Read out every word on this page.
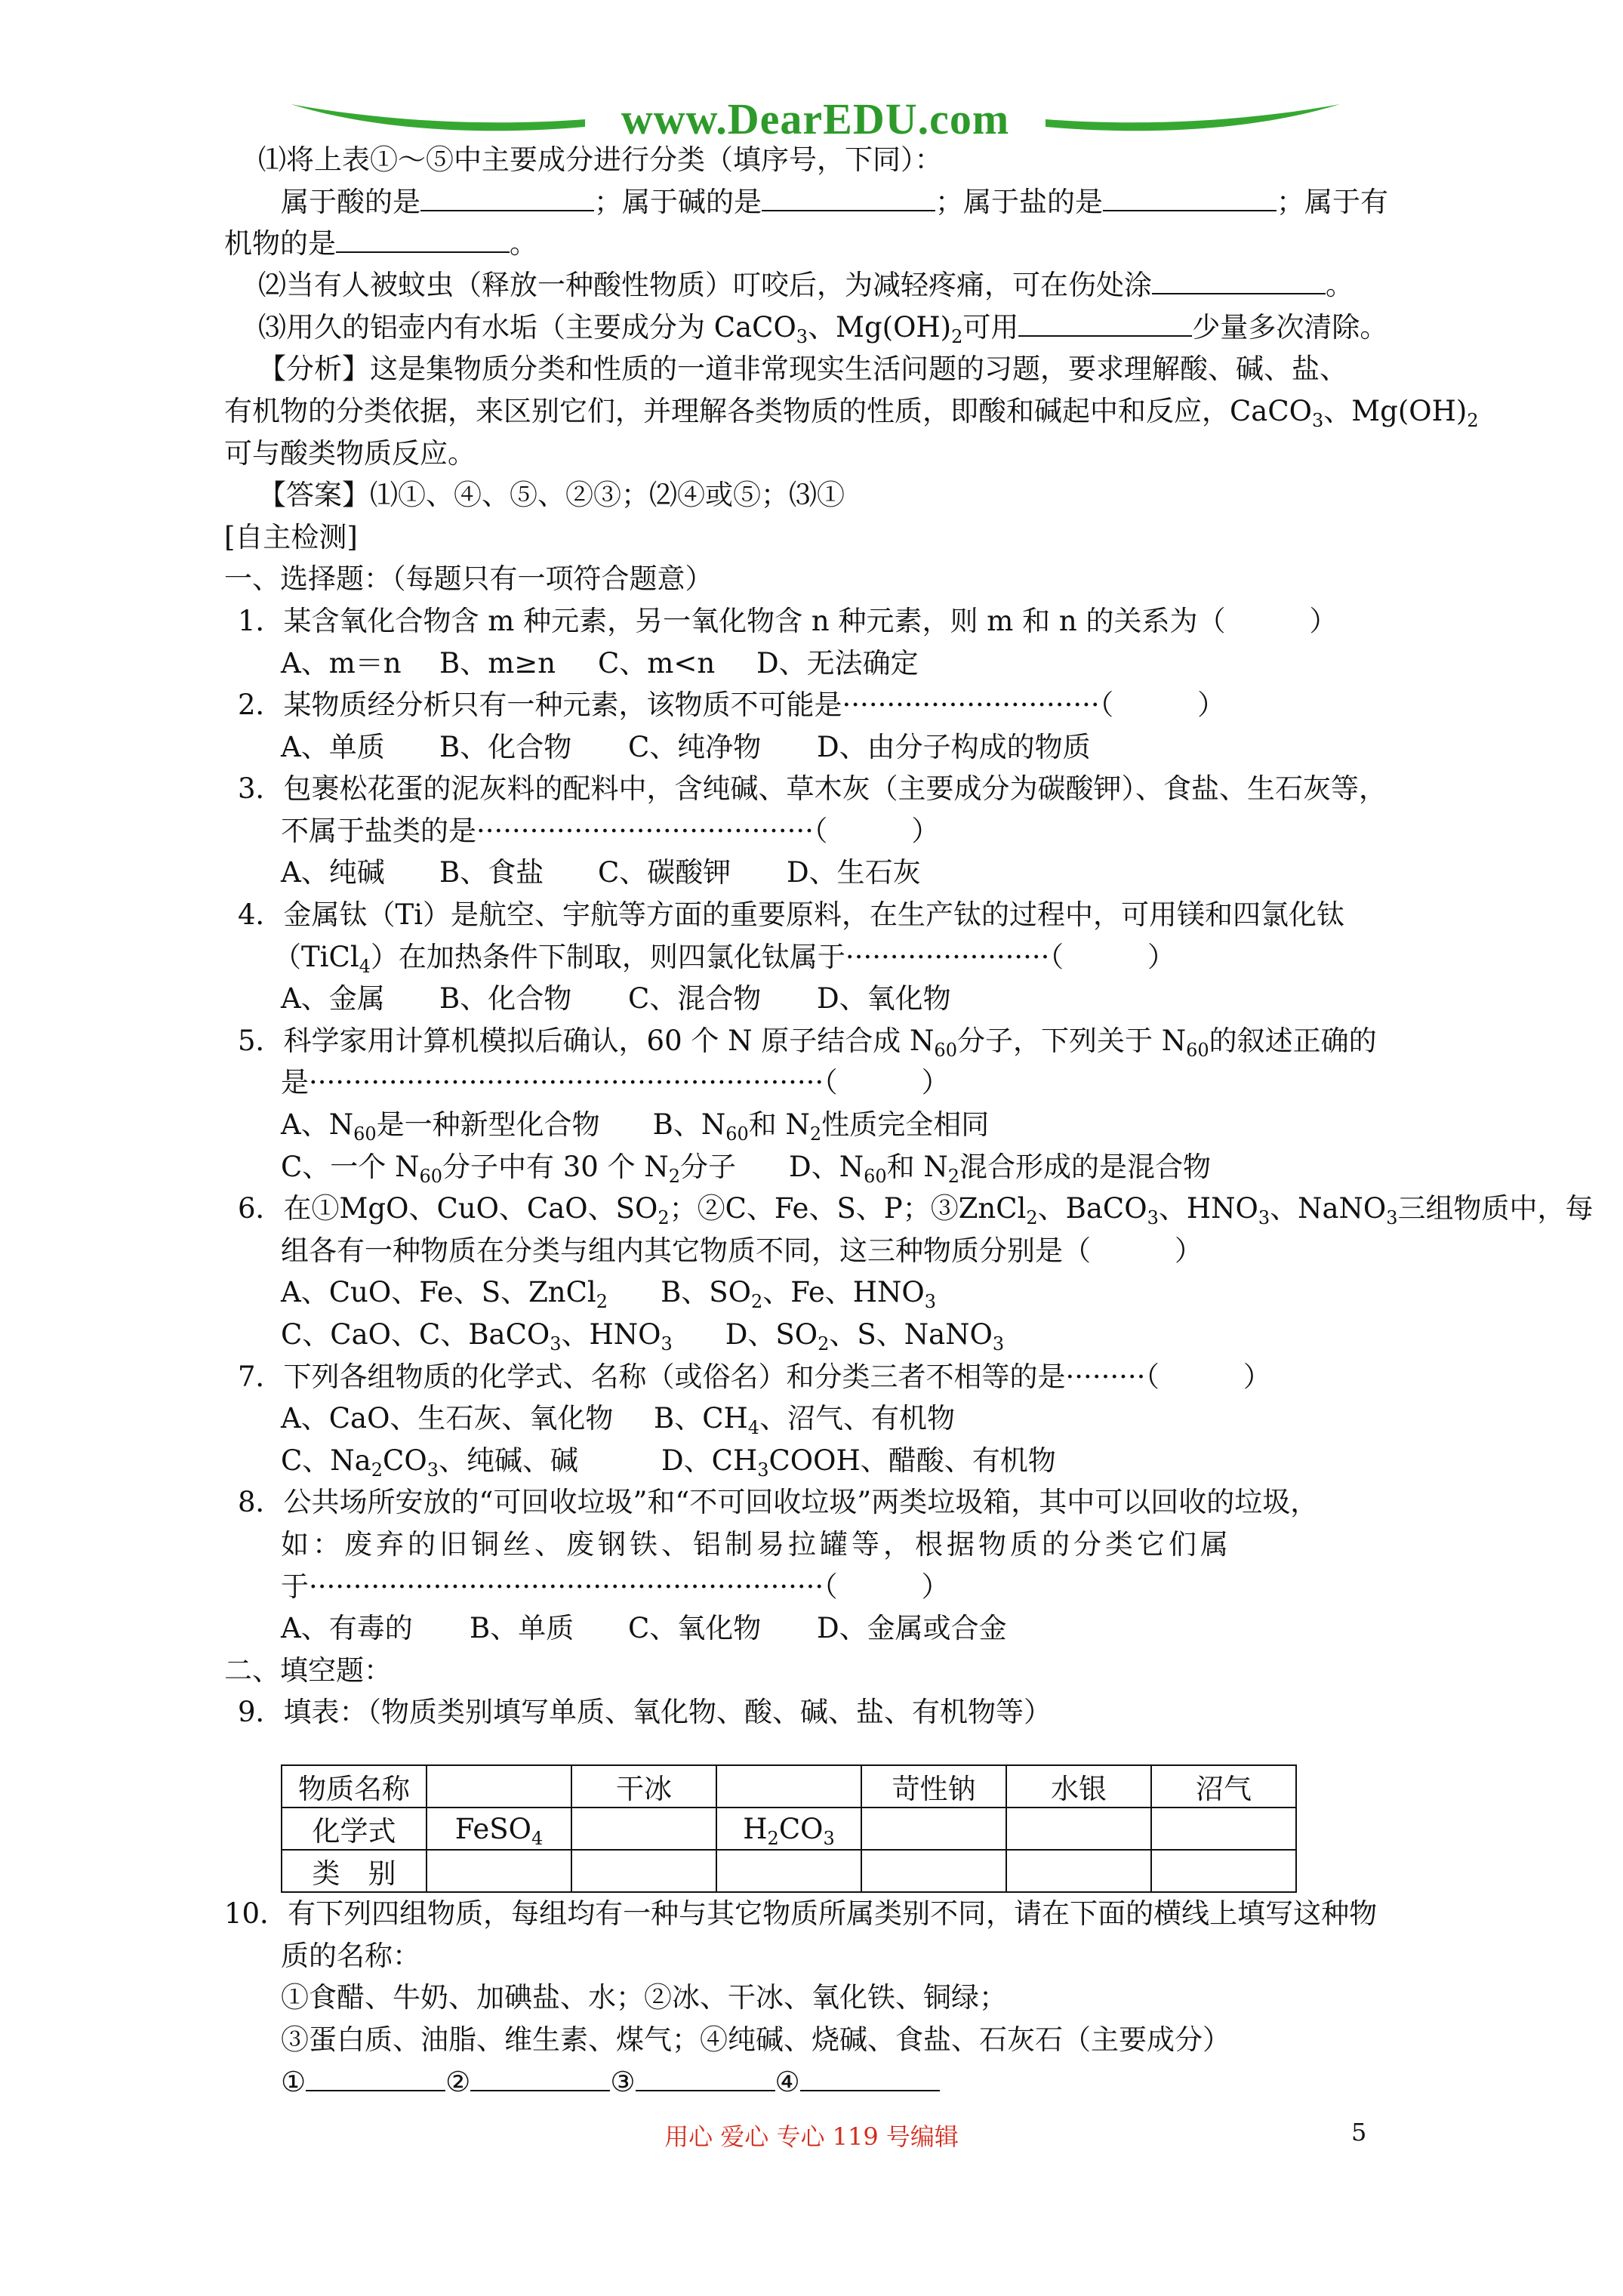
www.DearEDU.com
⑴将上表①～⑤中主要成分进行分类（填序号，下同）：
属于酸的是	；属于碱的是	；属于盐的是	；属于有
机物的是	。
⑵当有人被蚊虫（释放一种酸性物质）叮咬后，为减轻疼痛，可在伤处涂	。
⑶用久的铝壶内有水垢（主要成分为 CaCO$_3$、$Mg(OH)_2$可用	少量多次清除。
【分析】这是集物质分类和性质的一道非常现实生活问题的习题，要求理解酸、碱、盐、
有机物的分类依据，来区别它们，并理解各类物质的性质，即酸和碱起中和反应，CaCO$_3$、$Mg(OH)_2$
可与酸类物质反应。
【答案】⑴①、④、⑤、②③；⑵④或⑤；⑶①
[自主检测]
一、选择题：（每题只有一项符合题意）
1．某含氧化合物含 m 种元素，另一氧化物含 n 种元素，则 m 和 n 的关系为（　　　）
A、m＝n B、m≥n C、m<n D、无法确定
2．某物质经分析只有一种元素，该物质不可能是·····························（　　　）
A、单质 B、化合物 C、纯净物 D、由分子构成的物质
3．包裹松花蛋的泥灰料的配料中，含纯碱、草木灰（主要成分为碳酸钾）、食盐、生石灰等，
不属于盐类的是······································（　　　）
A、纯碱 B、食盐 C、碳酸钾 D、生石灰
4．金属钛（Ti）是航空、宇航等方面的重要原料，在生产钛的过程中，可用镁和四氯化钛
（TiCl$_4$）在加热条件下制取，则四氯化钛属于·······················（　　　）
A、金属 B、化合物 C、混合物 D、氧化物
5．科学家用计算机模拟后确认，60 个 N 原子结合成 $N_{60}$分子，下列关于 $N_{60}$的叙述正确的
是··························································（　　　）
A、$N_{60}$是一种新型化合物 B、$N_{60}$和 $N_2$性质完全相同
C、一个 $N_{60}$分子中有 30 个 $N_2$分子 D、$N_{60}$和 $N_2$混合形成的是混合物
6．在①MgO、CuO、CaO、$SO_2$；②C、Fe、S、P；③ZnCl$_2$、BaCO$_3$、$HNO_3$、NaNO$_3$三组物质中，每
组各有一种物质在分类与组内其它物质不同，这三种物质分别是（　　　）
A、CuO、Fe、S、ZnCl$_2$ B、$SO_2$、Fe、$HNO_3$
C、CaO、C、BaCO$_3$、$HNO_3$ D、$SO_2$、S、NaNO$_3$
7．下列各组物质的化学式、名称（或俗名）和分类三者不相等的是·········（　　　）
A、CaO、生石灰、氧化物 B、$CH_4$、沼气、有机物
C、$Na_2CO_3$、纯碱、碱	D、$CH_3COOH$、醋酸、有机物
8．公共场所安放的“可回收垃圾”和“不可回收垃圾”两类垃圾箱，其中可以回收的垃圾，
如：废弃的旧铜丝、废钢铁、铝制易拉罐等，根据物质的分类它们属
于··························································（　　　）
A、有毒的 B、单质 C、氧化物 D、金属或合金
二、填空题：
9．填表：（物质类别填写单质、氧化物、酸、碱、盐、有机物等）
物质名称		干冰		苛性钠	水银	沼气
化学式	FeSO$_4$		$H_2CO_3$			
类　别						
10．有下列四组物质，每组均有一种与其它物质所属类别不同，请在下面的横线上填写这种物
质的名称：
①食醋、牛奶、加碘盐、水；②冰、干冰、氧化铁、铜绿；
③蛋白质、油脂、维生素、煤气；④纯碱、烧碱、食盐、石灰石（主要成分）
①	②	③	④
用心 爱心 专心 119 号编辑	5
